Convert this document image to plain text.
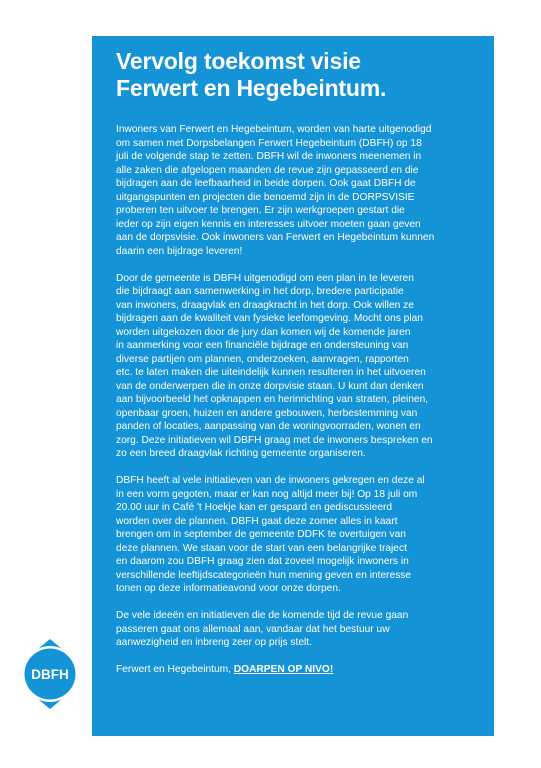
Vervolg toekomst visie
Ferwert en Hegebeintum.
Inwoners van Ferwert en Hegebeintum, worden van harte uitgenodigd
om samen met Dorpsbelangen Ferwert Hegebeintum (DBFH) op 18
juli de volgende stap te zetten. DBFH wil de inwoners meenemen in
alle zaken die afgelopen maanden de revue zijn gepasseerd en die
bijdragen aan de leefbaarheid in beide dorpen. Ook gaat DBFH de
uitgangspunten en projecten die benoemd zijn in de DORPSVISIE
proberen ten uitvoer te brengen. Er zijn werkgroepen gestart die
ieder op zijn eigen kennis en interesses uitvoer moeten gaan geven
aan de dorpsvisie. Ook inwoners van Ferwert en Hegebeintum kunnen
daarin een bijdrage leveren!
Door de gemeente is DBFH uitgenodigd om een plan in te leveren
die bijdraagt aan samenwerking in het dorp, bredere participatie
van inwoners, draagvlak en draagkracht in het dorp. Ook willen ze
bijdragen aan de kwaliteit van fysieke leefomgeving. Mocht ons plan
worden uitgekozen door de jury dan komen wij de komende jaren
in aanmerking voor een financiële bijdrage en ondersteuning van
diverse partijen om plannen, onderzoeken, aanvragen, rapporten
etc. te laten maken die uiteindelijk kunnen resulteren in het uitvoeren
van de onderwerpen die in onze dorpvisie staan. U kunt dan denken
aan bijvoorbeeld het opknappen en herinrichting van straten, pleinen,
openbaar groen, huizen en andere gebouwen, herbestemming van
panden of locaties, aanpassing van de woningvoorraden, wonen en
zorg. Deze initiatieven wil DBFH graag met de inwoners bespreken en
zo een breed draagvlak richting gemeente organiseren.
DBFH heeft al vele initiatieven van de inwoners gekregen en deze al
in een vorm gegoten, maar er kan nog altijd meer bij! Op 18 juli om
20.00 uur in Café 't Hoekje kan er gespard en gediscussieerd
worden over de plannen. DBFH gaat deze zomer alles in kaart
brengen om in september de gemeente DDFK te overtuigen van
deze plannen. We staan voor de start van een belangrijke traject
en daarom zou DBFH graag zien dat zoveel mogelijk inwoners in
verschillende leeftijdscategorieën hun mening geven en interesse
tonen op deze informatieavond voor onze dorpen.
De vele ideeën en initiatieven die de komende tijd de revue gaan
passeren gaat ons allemaal aan, vandaar dat het bestuur uw
aanwezigheid en inbreng zeer op prijs stelt.

Ferwert en Hegebeintum, DOARPEN OP NIVO!

DBFH
